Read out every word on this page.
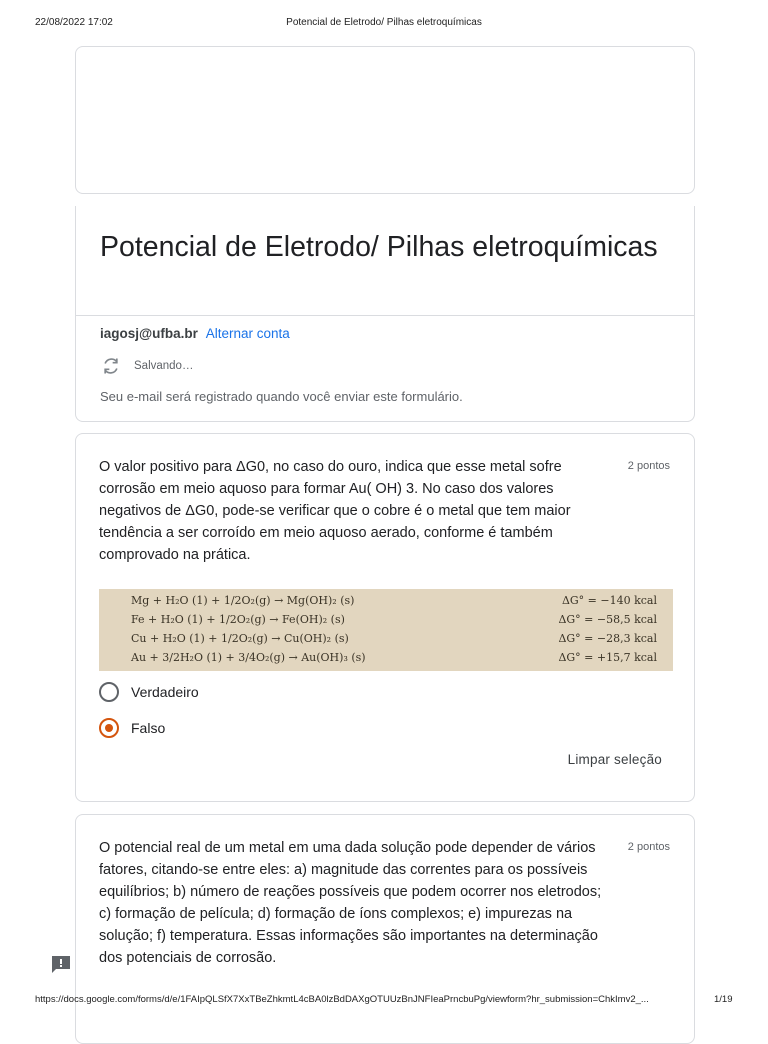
22/08/2022 17:02	Potencial de Eletrodo/ Pilhas eletroquímicas
Potencial de Eletrodo/ Pilhas eletroquímicas
iagosj@ufba.br Alternar conta
Salvando…
Seu e-mail será registrado quando você enviar este formulário.
O valor positivo para ΔG0, no caso do ouro, indica que esse metal sofre corrosão em meio aquoso para formar Au( OH) 3. No caso dos valores negativos de ΔG0, pode-se verificar que o cobre é o metal que tem maior tendência a ser corroído em meio aquoso aerado, conforme é também comprovado na prática.
2 pontos
Mg + H₂O (1) + 1/2O₂(g) → Mg(OH)₂ (s)	ΔG° = −140 kcal
Fe + H₂O (1) + 1/2O₂(g) → Fe(OH)₂ (s)	ΔG° = −58,5 kcal
Cu + H₂O (1) + 1/2O₂(g) → Cu(OH)₂ (s)	ΔG° = −28,3 kcal
Au + 3/2H₂O (1) + 3/4O₂(g) → Au(OH)₃ (s)	ΔG° = +15,7 kcal
Verdadeiro
Falso
Limpar seleção
O potencial real de um metal em uma dada solução pode depender de vários fatores, citando-se entre eles: a) magnitude das correntes para os possíveis equilíbrios; b) número de reações possíveis que podem ocorrer nos eletrodos; c) formação de película; d) formação de íons complexos; e) impurezas na solução; f) temperatura. Essas informações são importantes na determinação dos potenciais de corrosão.
2 pontos
https://docs.google.com/forms/d/e/1FAIpQLSfX7XxTBeZhkmtL4cBA0lzBdDAXgOTUUzBnJNFIeaPrncbuPg/viewform?hr_submission=ChkImv2_...	1/19
